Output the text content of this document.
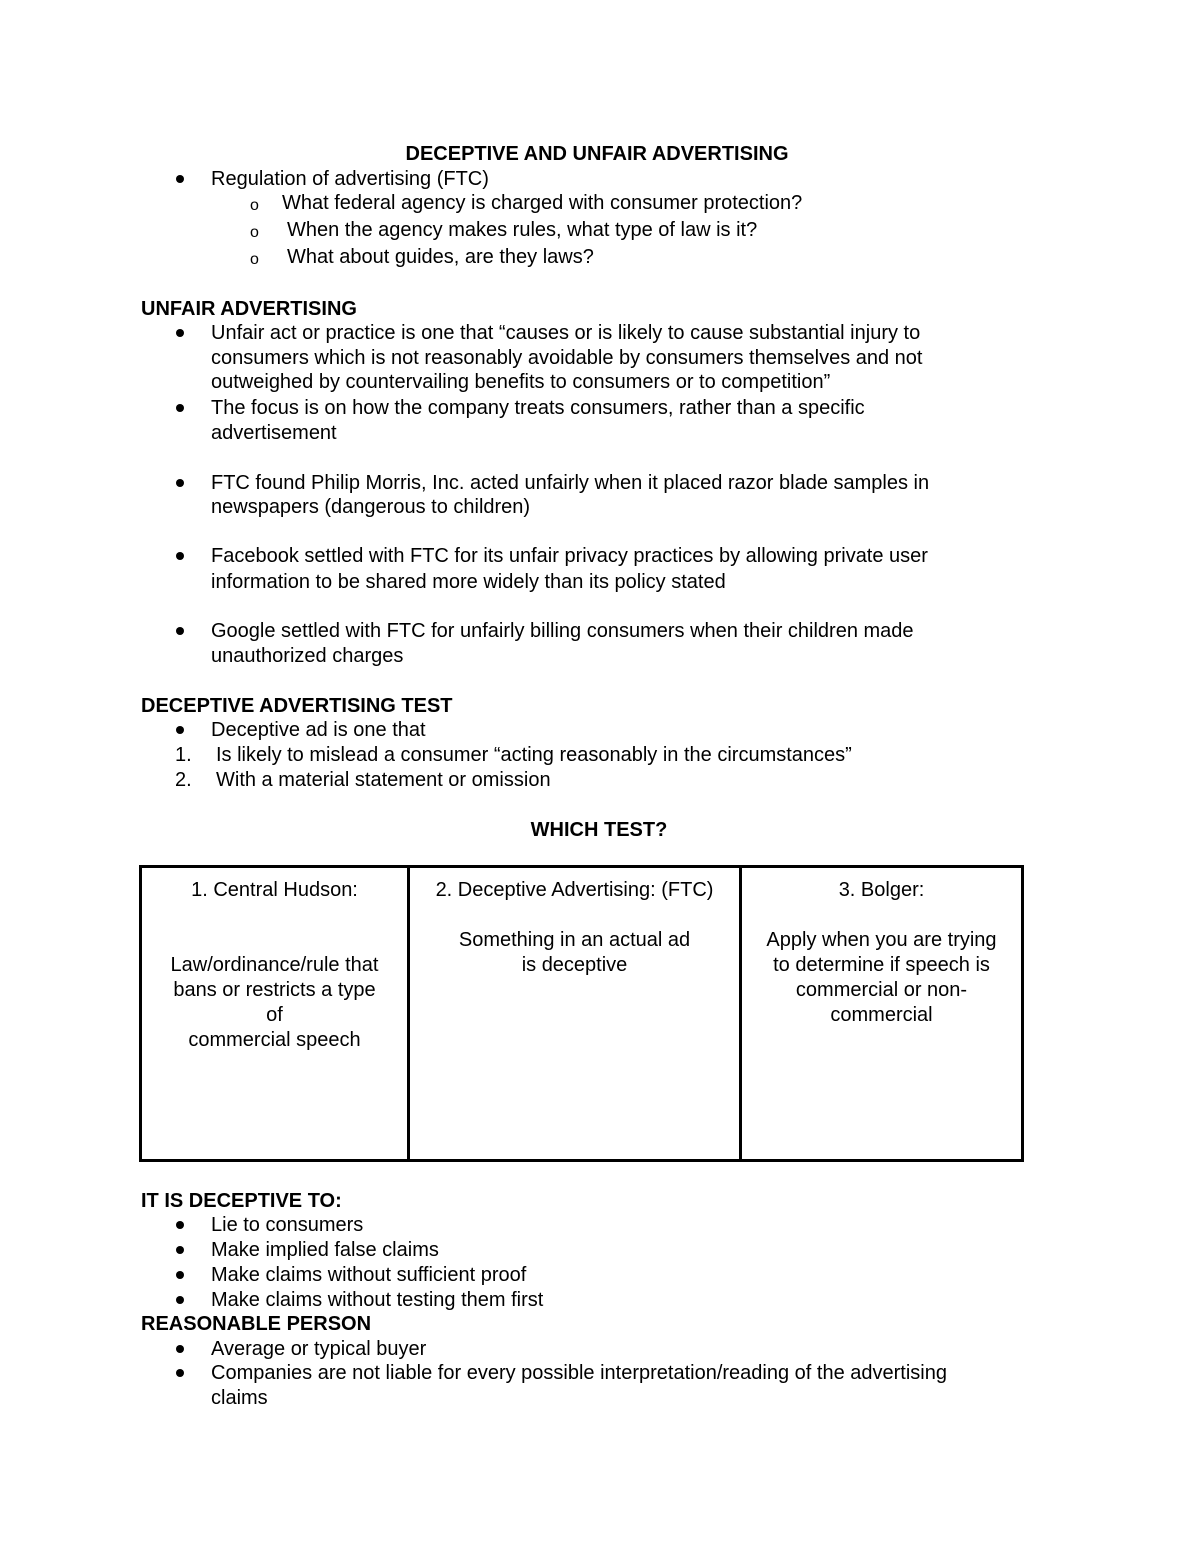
DECEPTIVE AND UNFAIR ADVERTISING
Regulation of advertising (FTC)
o What federal agency is charged with consumer protection?
o When the agency makes rules, what type of law is it?
o What about guides, are they laws?
UNFAIR ADVERTISING
Unfair act or practice is one that “causes or is likely to cause substantial injury to
consumers which is not reasonably avoidable by consumers themselves and not
outweighed by countervailing benefits to consumers or to competition”
The focus is on how the company treats consumers, rather than a specific
advertisement
FTC found Philip Morris, Inc. acted unfairly when it placed razor blade samples in
newspapers (dangerous to children)
Facebook settled with FTC for its unfair privacy practices by allowing private user
information to be shared more widely than its policy stated
Google settled with FTC for unfairly billing consumers when their children made
unauthorized charges
DECEPTIVE ADVERTISING TEST
Deceptive ad is one that
1. Is likely to mislead a consumer “acting reasonably in the circumstances”
2. With a material statement or omission
WHICH TEST?
1. Central Hudson:
Law/ordinance/rule that
bans or restricts a type
of
commercial speech

2. Deceptive Advertising: (FTC)
Something in an actual ad
is deceptive

3. Bolger:
Apply when you are trying
to determine if speech is
commercial or non-
commercial
IT IS DECEPTIVE TO:
Lie to consumers
Make implied false claims
Make claims without sufficient proof
Make claims without testing them first
REASONABLE PERSON
Average or typical buyer
Companies are not liable for every possible interpretation/reading of the advertising
claims
